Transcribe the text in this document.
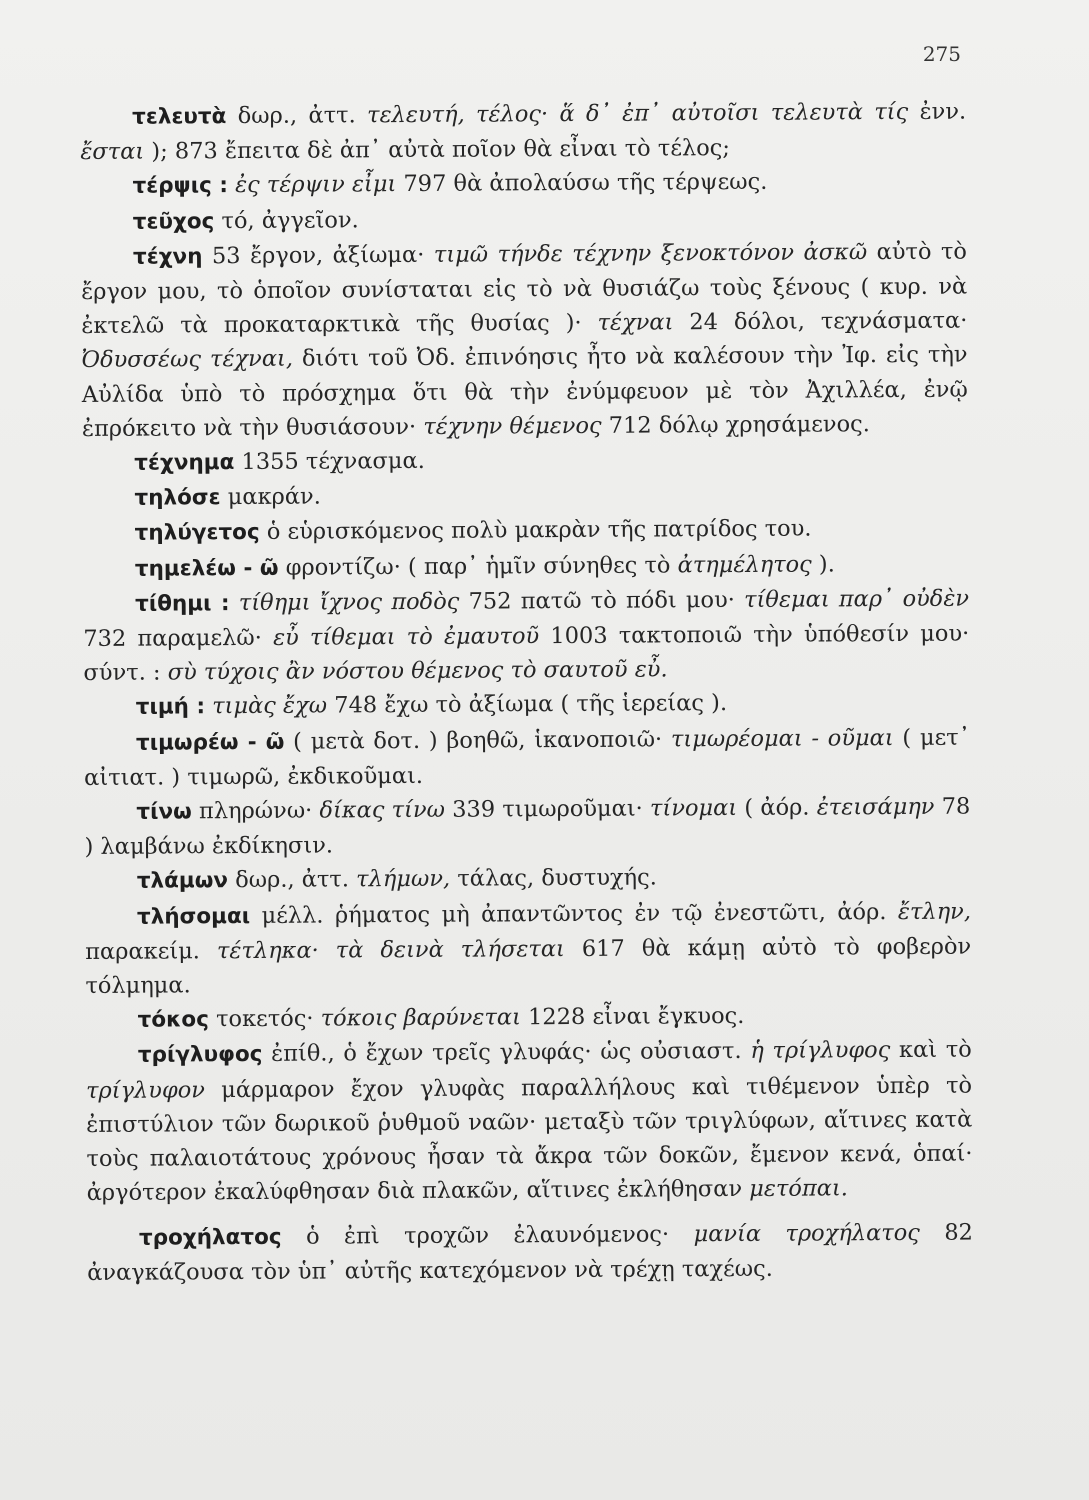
275

τελευτὰ δωρ., ἀττ. τελευτή, τέλος· ἅ δ᾿ ἐπ᾿ αὐτοῖσι τελευτὰ τίς ἐνν. ἔσται ); 873 ἔπειτα δὲ ἀπ᾿ αὐτὰ ποῖον θὰ εἶναι τὸ τέλος;

τέρψις : ἐς τέρψιν εἶμι 797 θὰ ἀπολαύσω τῆς τέρψεως.

τεῦχος τό, ἀγγεῖον.

τέχνη 53 ἔργον, ἀξίωμα· τιμῶ τήνδε τέχνην ξενοκτόνον ἀσκῶ αὐτὸ τὸ ἔργον μου, τὸ ὁποῖον συνίσταται εἰς τὸ νὰ θυσιάζω τοὺς ξένους ( κυρ. νὰ ἐκτελῶ τὰ προκαταρκτικὰ τῆς θυσίας )· τέχναι 24 δόλοι, τεχνάσματα· Ὀδυσσέως τέχναι, διότι τοῦ Ὀδ. ἐπινόησις ἦτο νὰ καλέσουν τὴν Ἰφ. εἰς τὴν Αὐλίδα ὑπὸ τὸ πρόσχημα ὅτι θὰ τὴν ἐνύμφευον μὲ τὸν Ἀχιλλέα, ἐνῷ ἐπρόκειτο νὰ τὴν θυσιάσουν· τέχνην θέμενος 712 δόλῳ χρησάμενος.

τέχνημα 1355 τέχνασμα.

τηλόσε μακράν.

τηλύγετος ὁ εὑρισκόμενος πολὺ μακρὰν τῆς πατρίδος του.

τημελέω - ῶ φροντίζω· ( παρ᾿ ἡμῖν σύνηθες τὸ ἀτημέλητος ).

τίθημι : τίθημι ἴχνος ποδὸς 752 πατῶ τὸ πόδι μου· τίθεμαι παρ᾿ οὐδὲν 732 παραμελῶ· εὖ τίθεμαι τὸ ἐμαυτοῦ 1003 τακτοποιῶ τὴν ὑπόθεσίν μου· σύντ. : σὺ τύχοις ἂν νόστου θέμενος τὸ σαυτοῦ εὖ.

τιμή : τιμὰς ἔχω 748 ἔχω τὸ ἀξίωμα ( τῆς ἱερείας ).

τιμωρέω - ῶ ( μετὰ δοτ. ) βοηθῶ, ἱκανοποιῶ· τιμωρέομαι - οῦμαι ( μετ᾿ αἰτιατ. ) τιμωρῶ, ἐκδικοῦμαι.

τίνω πληρώνω· δίκας τίνω 339 τιμωροῦμαι· τίνομαι ( ἀόρ. ἐτεισάμην 78 ) λαμβάνω ἐκδίκησιν.

τλάμων δωρ., ἀττ. τλήμων, τάλας, δυστυχής.

τλήσομαι μέλλ. ῥήματος μὴ ἀπαντῶντος ἐν τῷ ἐνεστῶτι, ἀόρ. ἔτλην, παρακείμ. τέτληκα· τὰ δεινὰ τλήσεται 617 θὰ κάμῃ αὐτὸ τὸ φοβερὸν τόλμημα.

τόκος τοκετός· τόκοις βαρύνεται 1228 εἶναι ἔγκυος.

τρίγλυφος ἐπίθ., ὁ ἔχων τρεῖς γλυφάς· ὡς οὐσιαστ. ἡ τρίγλυφος καὶ τὸ τρίγλυφον μάρμαρον ἔχον γλυφὰς παραλλήλους καὶ τιθέμενον ὑπὲρ τὸ ἐπιστύλιον τῶν δωρικοῦ ῥυθμοῦ ναῶν· μεταξὺ τῶν τριγλύφων, αἵτινες κατὰ τοὺς παλαιοτάτους χρόνους ἦσαν τὰ ἄκρα τῶν δοκῶν, ἔμενον κενά, ὁπαί· ἀργότερον ἐκαλύφθησαν διὰ πλακῶν, αἵτινες ἐκλήθησαν μετόπαι.

τροχήλατος ὁ ἐπὶ τροχῶν ἐλαυνόμενος· μανία τροχήλατος 82 ἀναγκάζουσα τὸν ὑπ᾿ αὐτῆς κατεχόμενον νὰ τρέχῃ ταχέως.
